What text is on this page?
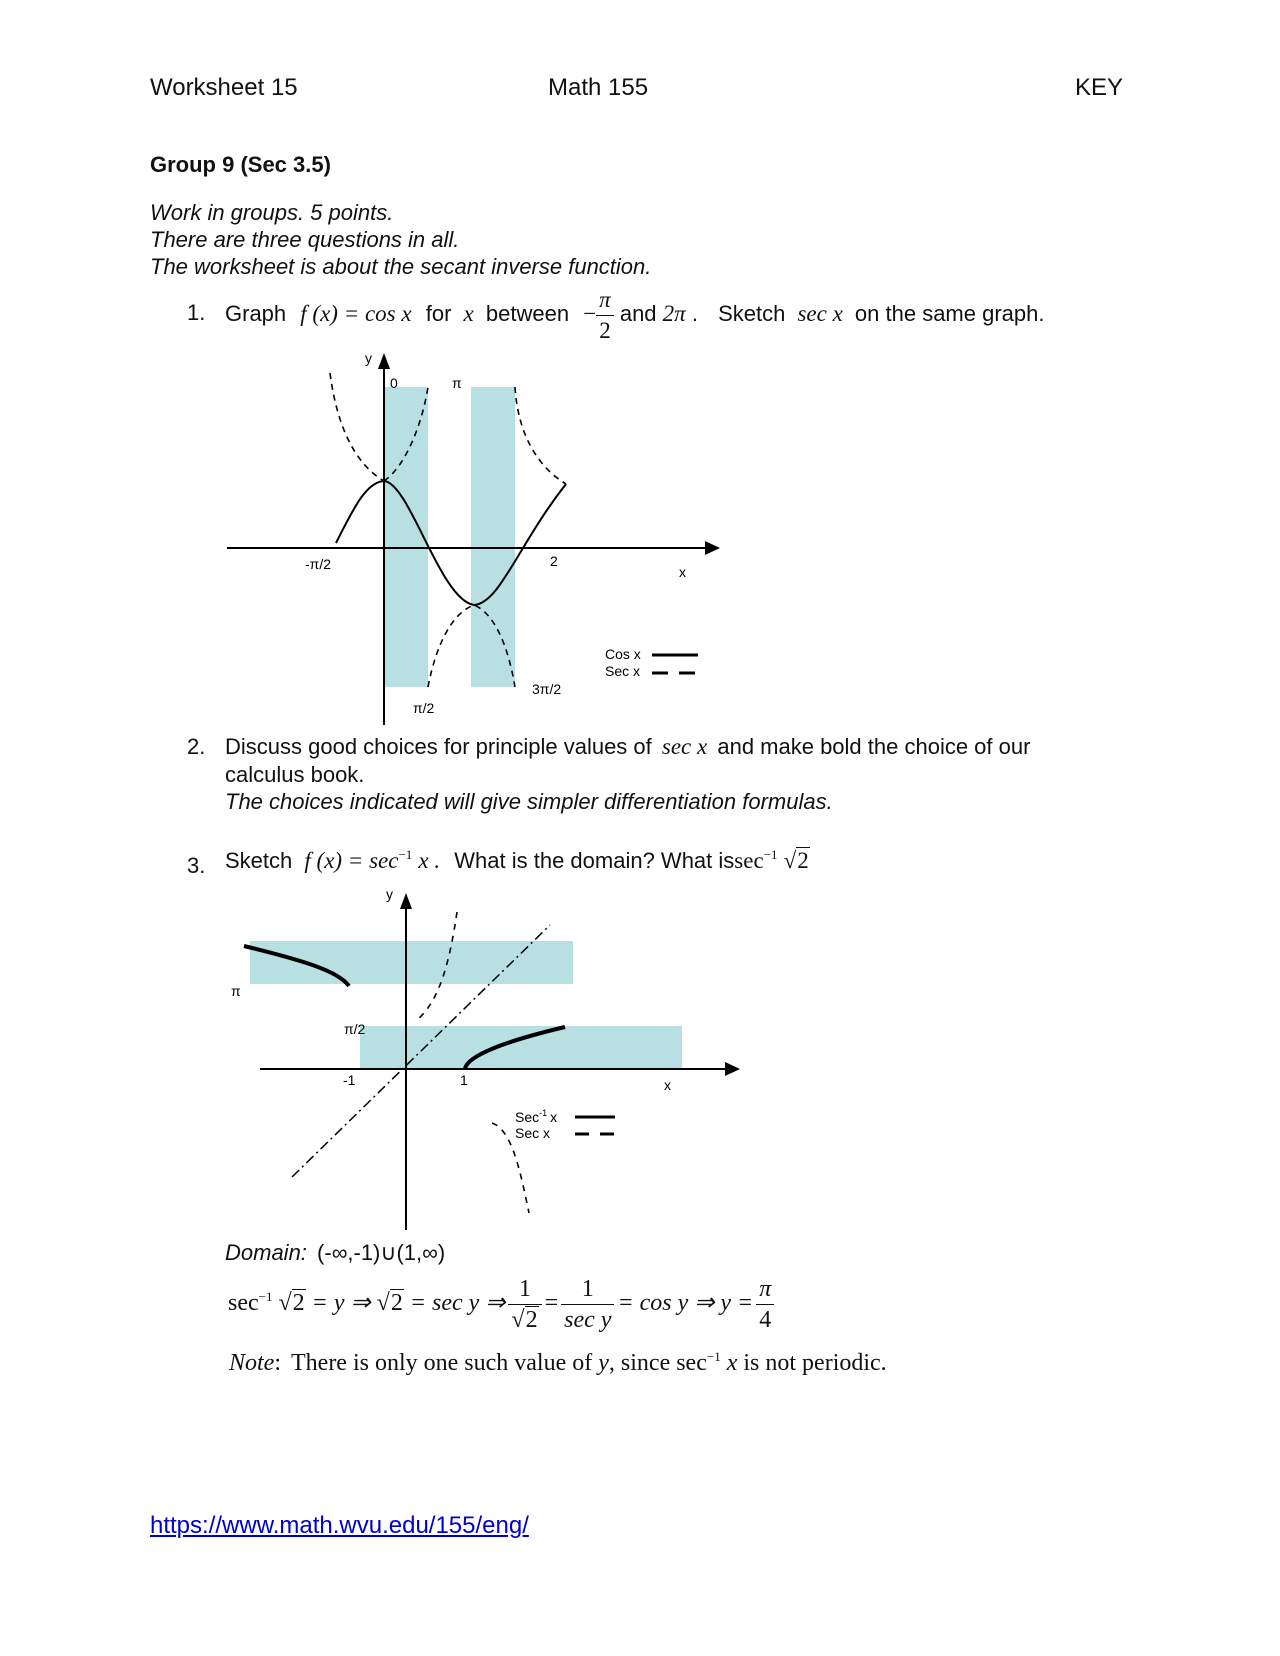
Worksheet 15	Math 155	KEY
Group 9 (Sec 3.5)
Work in groups. 5 points.
There are three questions in all.
The worksheet is about the secant inverse function.
1. Graph f (x) = cos x for x between − $\frac{\pi}{2}$ and 2π . Sketch sec x on the same graph.
y
0	π
-π/2	2
x
π/2
3π/2
Cos x
Sec x
2. Discuss good choices for principle values of sec x and make bold the choice of our
calculus book.
The choices indicated will give simpler differentiation formulas.
3. Sketch f $(x) = \sec^{-1} x$ . What is the domain? What issec$^{-1}$ √2
y
π
π/2
-1	1	x
Sec$^{-1}$ x
Sec x
Domain: (-∞,-1)∪(1,∞)
$\sec^{-1} √2 = y$ ⇒ √2 = sec y ⇒ $\frac{1}{√2} = \frac{1}{\text{sec y}} = \cos y$ ⇒ $y = \frac{\pi}{4}$
Note: There is only one such value of y, since $\sec^{-1} x$ is not periodic.
https://www.math.wvu.edu/155/eng/
